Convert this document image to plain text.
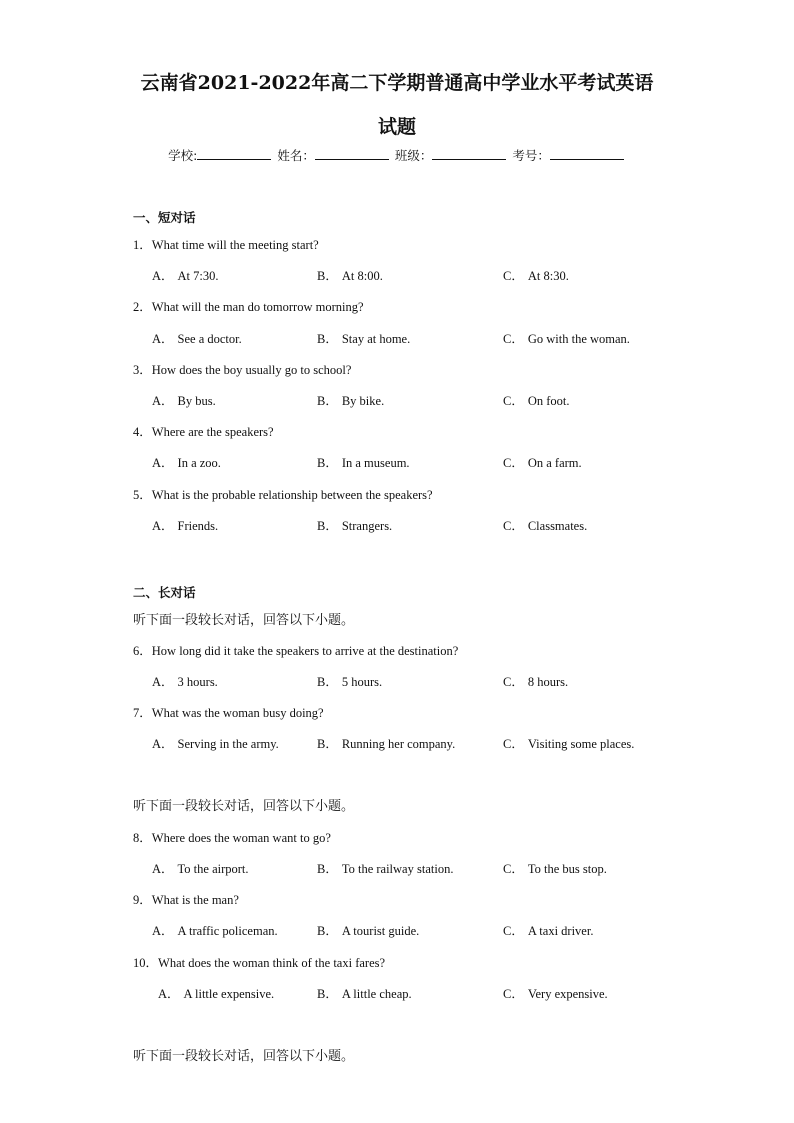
云南省2021-2022年高二下学期普通高中学业水平考试英语
试题
学校:	姓名：	班级：	考号：
一、短对话
1．What time will the meeting start?
A． At 7:30.	B． At 8:00.	C． At 8:30.
2．What will the man do tomorrow morning?
A． See a doctor.	B． Stay at home.	C． Go with the woman.
3．How does the boy usually go to school?
A． By bus.	B． By bike.	C． On foot.
4．Where are the speakers?
A． In a zoo.	B． In a museum.	C． On a farm.
5．What is the probable relationship between the speakers?
A． Friends.	B． Strangers.	C． Classmates.
二、长对话
听下面一段较长对话，回答以下小题。
6．How long did it take the speakers to arrive at the destination?
A． 3 hours.	B． 5 hours.	C． 8 hours.
7．What was the woman busy doing?
A． Serving in the army.	B． Running her company.	C． Visiting some places.
听下面一段较长对话，回答以下小题。
8．Where does the woman want to go?
A． To the airport.	B． To the railway station.	C． To the bus stop.
9．What is the man?
A． A traffic policeman.	B． A tourist guide.	C． A taxi driver.
10．What does the woman think of the taxi fares?
A． A little expensive.	B． A little cheap.	C． Very expensive.
听下面一段较长对话，回答以下小题。
